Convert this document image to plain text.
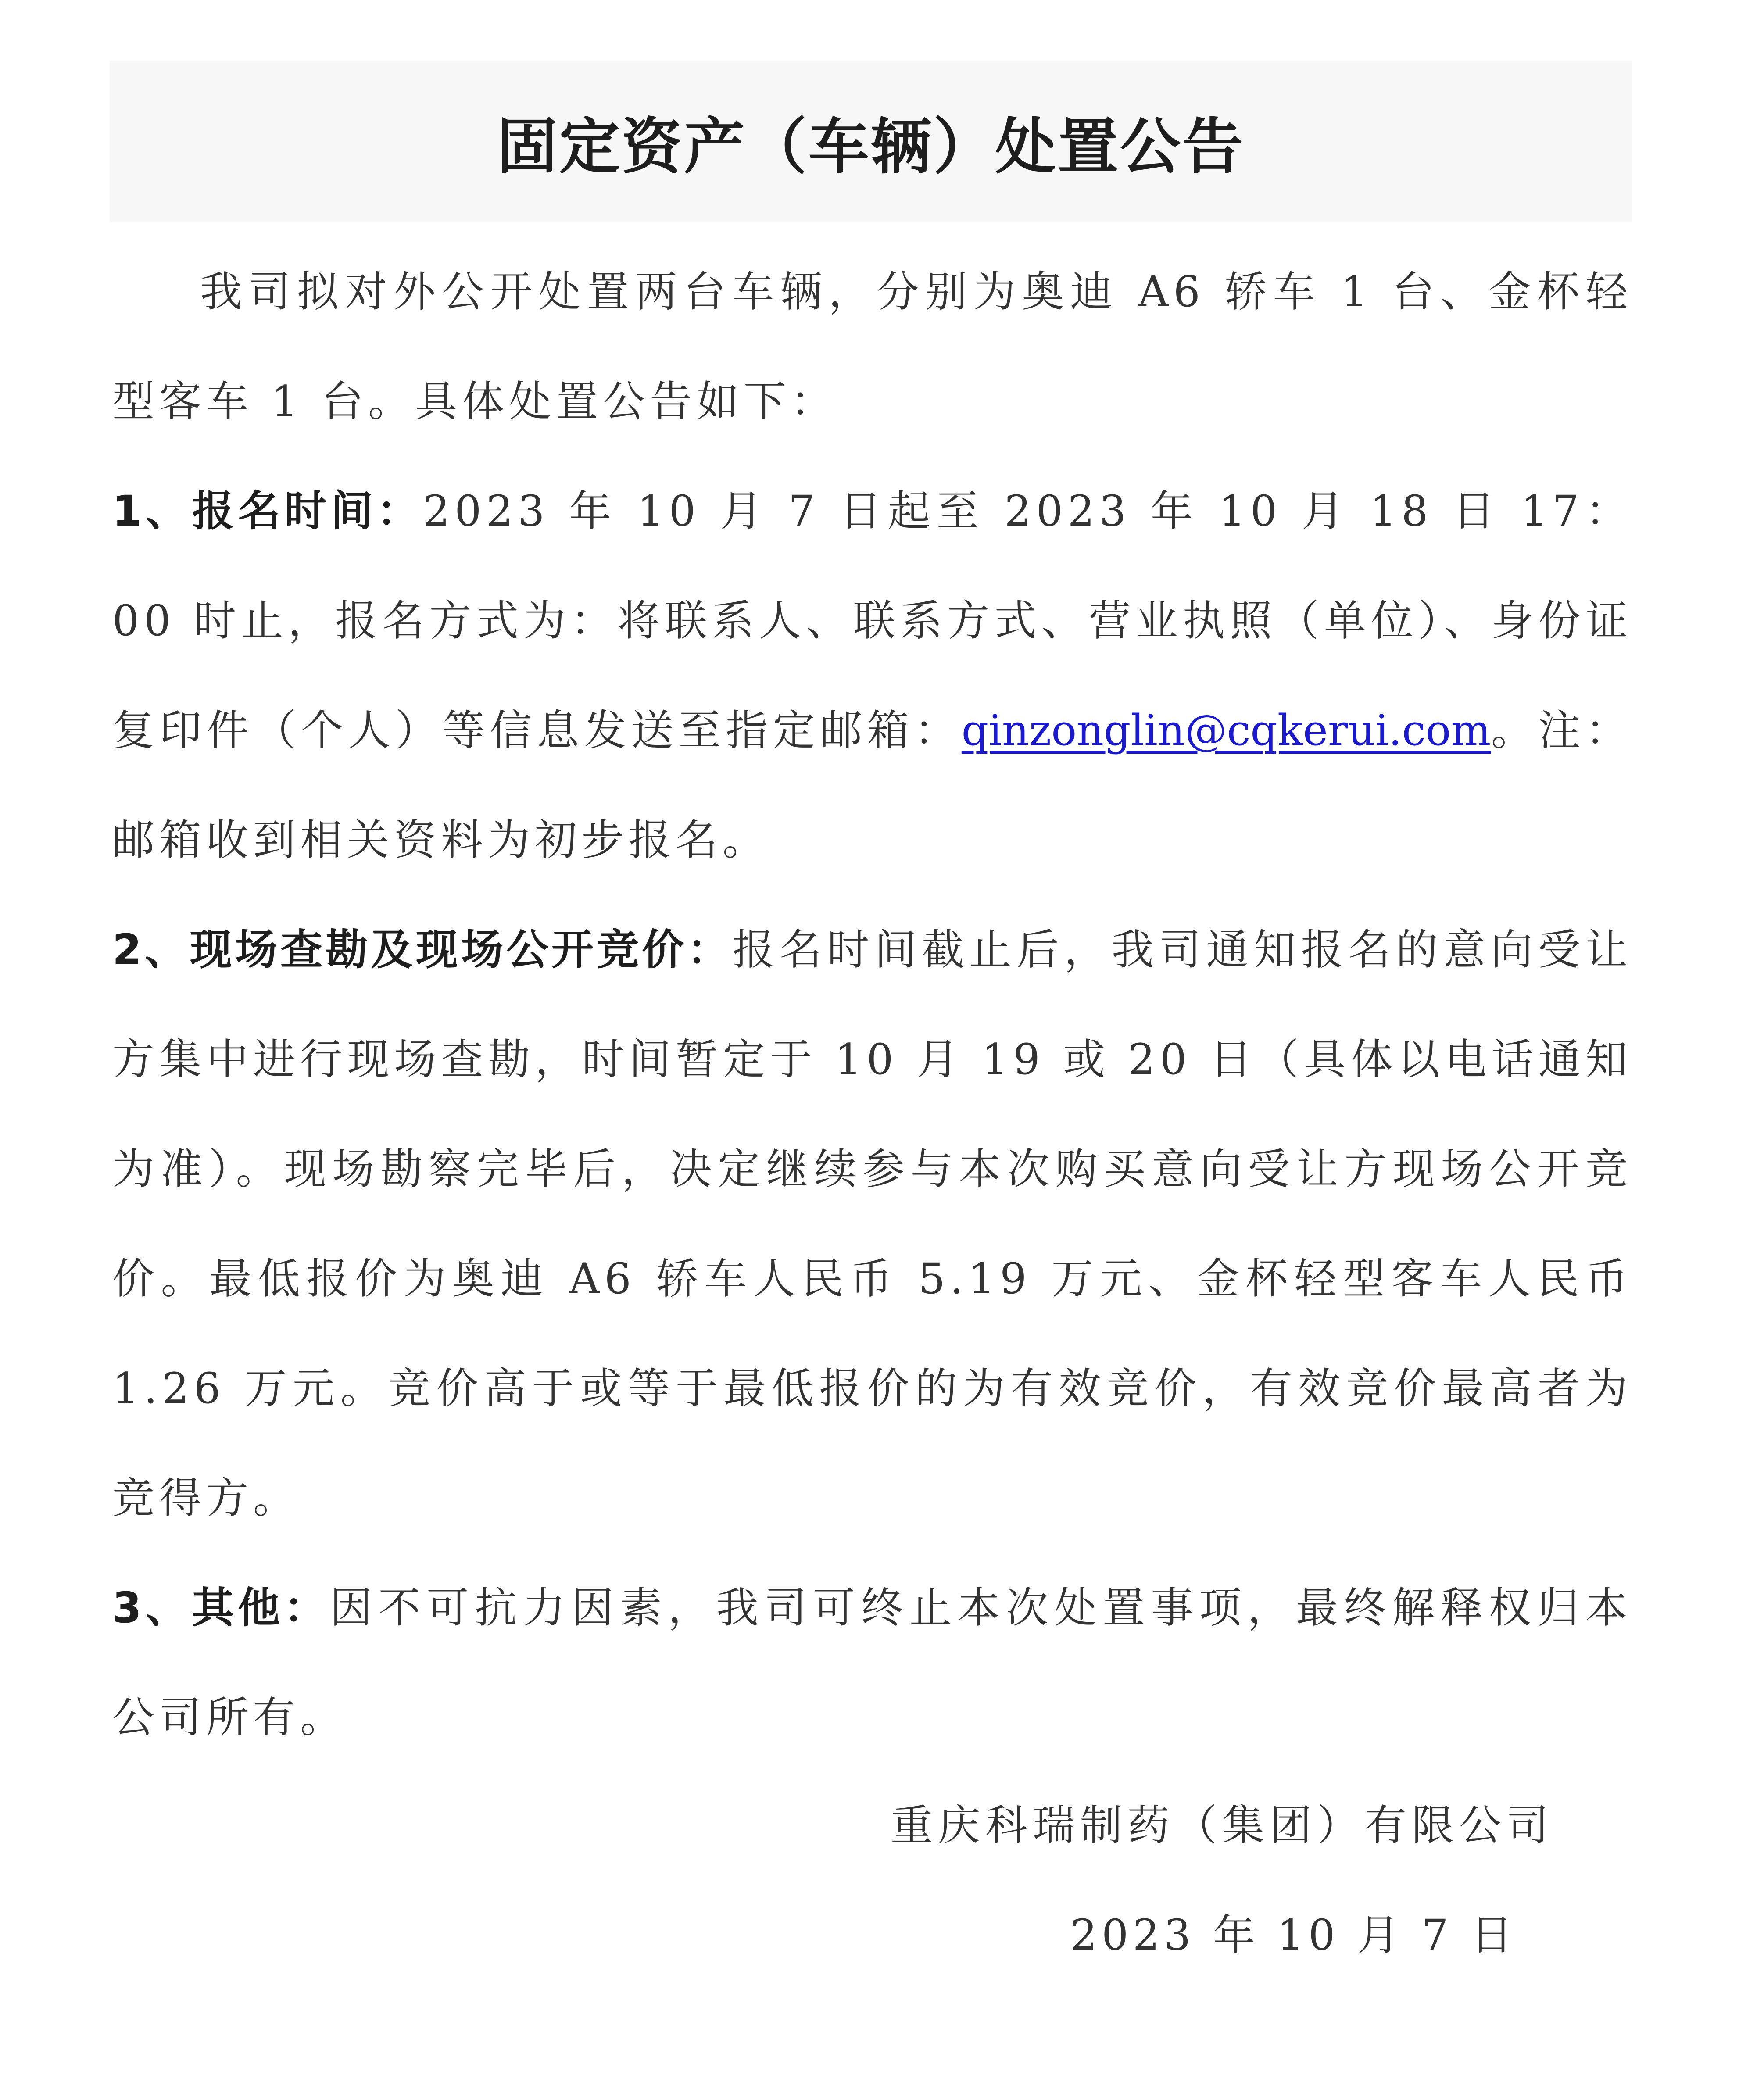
固定资产（车辆）处置公告

我司拟对外公开处置两台车辆，分别为奥迪 A6 轿车 1 台、金杯轻型客车 1 台。具体处置公告如下：

1、报名时间：2023 年 10 月 7 日起至 2023 年 10 月 18 日 17：00 时止，报名方式为：将联系人、联系方式、营业执照（单位）、身份证复印件（个人）等信息发送至指定邮箱：qinzonglin@cqkerui.com。注：邮箱收到相关资料为初步报名。

2、现场查勘及现场公开竞价：报名时间截止后，我司通知报名的意向受让方集中进行现场查勘，时间暂定于 10 月 19 或 20 日（具体以电话通知为准）。现场勘察完毕后，决定继续参与本次购买意向受让方现场公开竞价。最低报价为奥迪 A6 轿车人民币 5.19 万元、金杯轻型客车人民币 1.26 万元。竞价高于或等于最低报价的为有效竞价，有效竞价最高者为竞得方。

3、其他：因不可抗力因素，我司可终止本次处置事项，最终解释权归本公司所有。

重庆科瑞制药（集团）有限公司
2023 年 10 月 7 日
